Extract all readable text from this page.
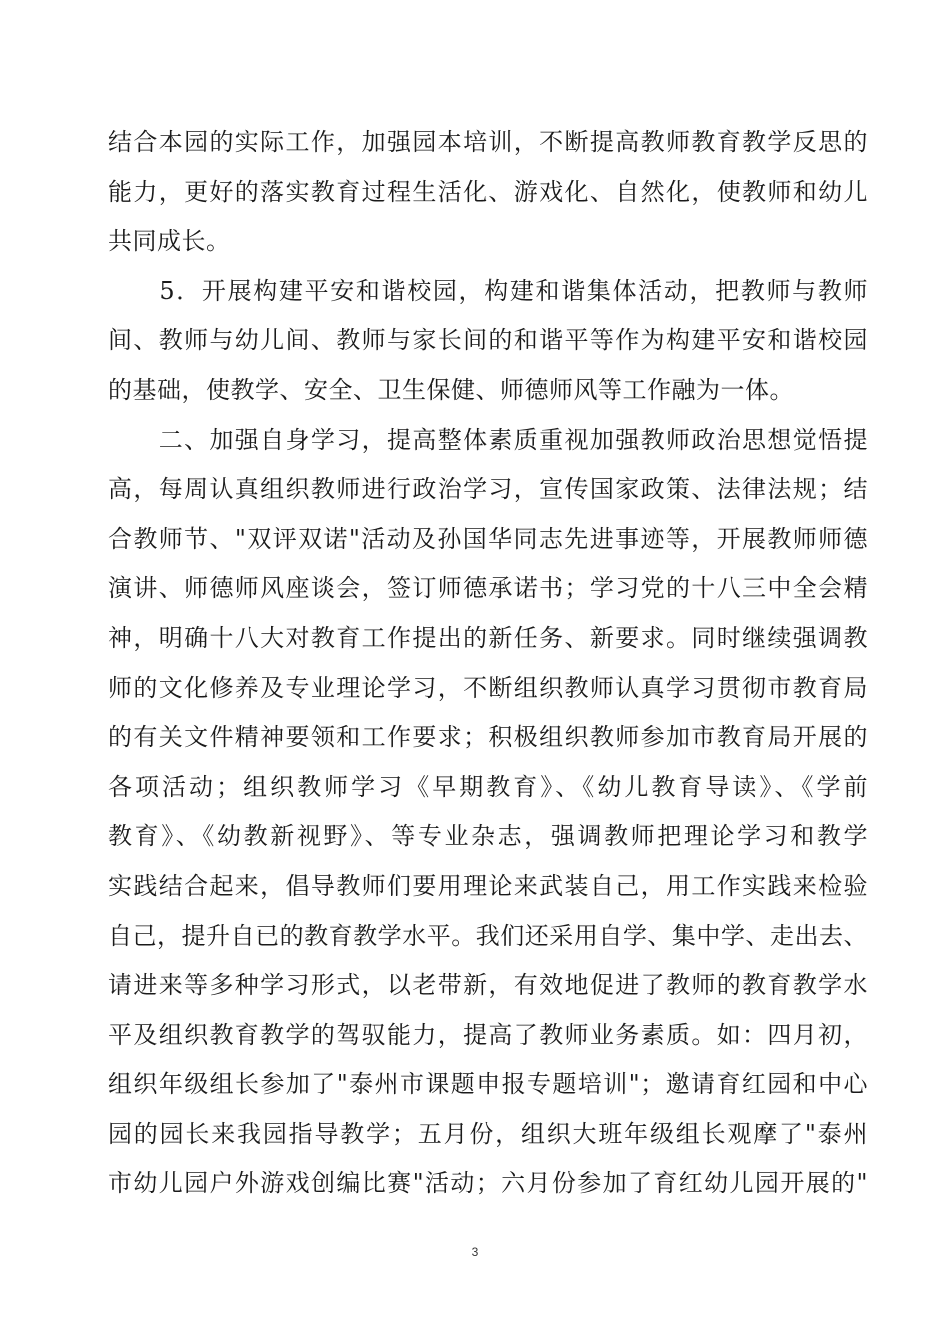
结合本园的实际工作，加强园本培训，不断提高教师教育教学反思的
能力，更好的落实教育过程生活化、游戏化、自然化，使教师和幼儿
共同成长。
　　5．开展构建平安和谐校园，构建和谐集体活动，把教师与教师
间、教师与幼儿间、教师与家长间的和谐平等作为构建平安和谐校园
的基础，使教学、安全、卫生保健、师德师风等工作融为一体。
　　二、加强自身学习，提高整体素质重视加强教师政治思想觉悟提
高，每周认真组织教师进行政治学习，宣传国家政策、法律法规；结
合教师节、"双评双诺"活动及孙国华同志先进事迹等，开展教师师德
演讲、师德师风座谈会，签订师德承诺书；学习党的十八三中全会精
神，明确十八大对教育工作提出的新任务、新要求。同时继续强调教
师的文化修养及专业理论学习，不断组织教师认真学习贯彻市教育局
的有关文件精神要领和工作要求；积极组织教师参加市教育局开展的
各项活动；组织教师学习《早期教育》、《幼儿教育导读》、《学前
教育》、《幼教新视野》、等专业杂志，强调教师把理论学习和教学
实践结合起来，倡导教师们要用理论来武装自己，用工作实践来检验
自己，提升自已的教育教学水平。我们还采用自学、集中学、走出去、
请进来等多种学习形式，以老带新，有效地促进了教师的教育教学水
平及组织教育教学的驾驭能力，提高了教师业务素质。如：四月初，
组织年级组长参加了"泰州市课题申报专题培训"；邀请育红园和中心
园的园长来我园指导教学；五月份，组织大班年级组长观摩了"泰州
市幼儿园户外游戏创编比赛"活动；六月份参加了育红幼儿园开展的"
3
